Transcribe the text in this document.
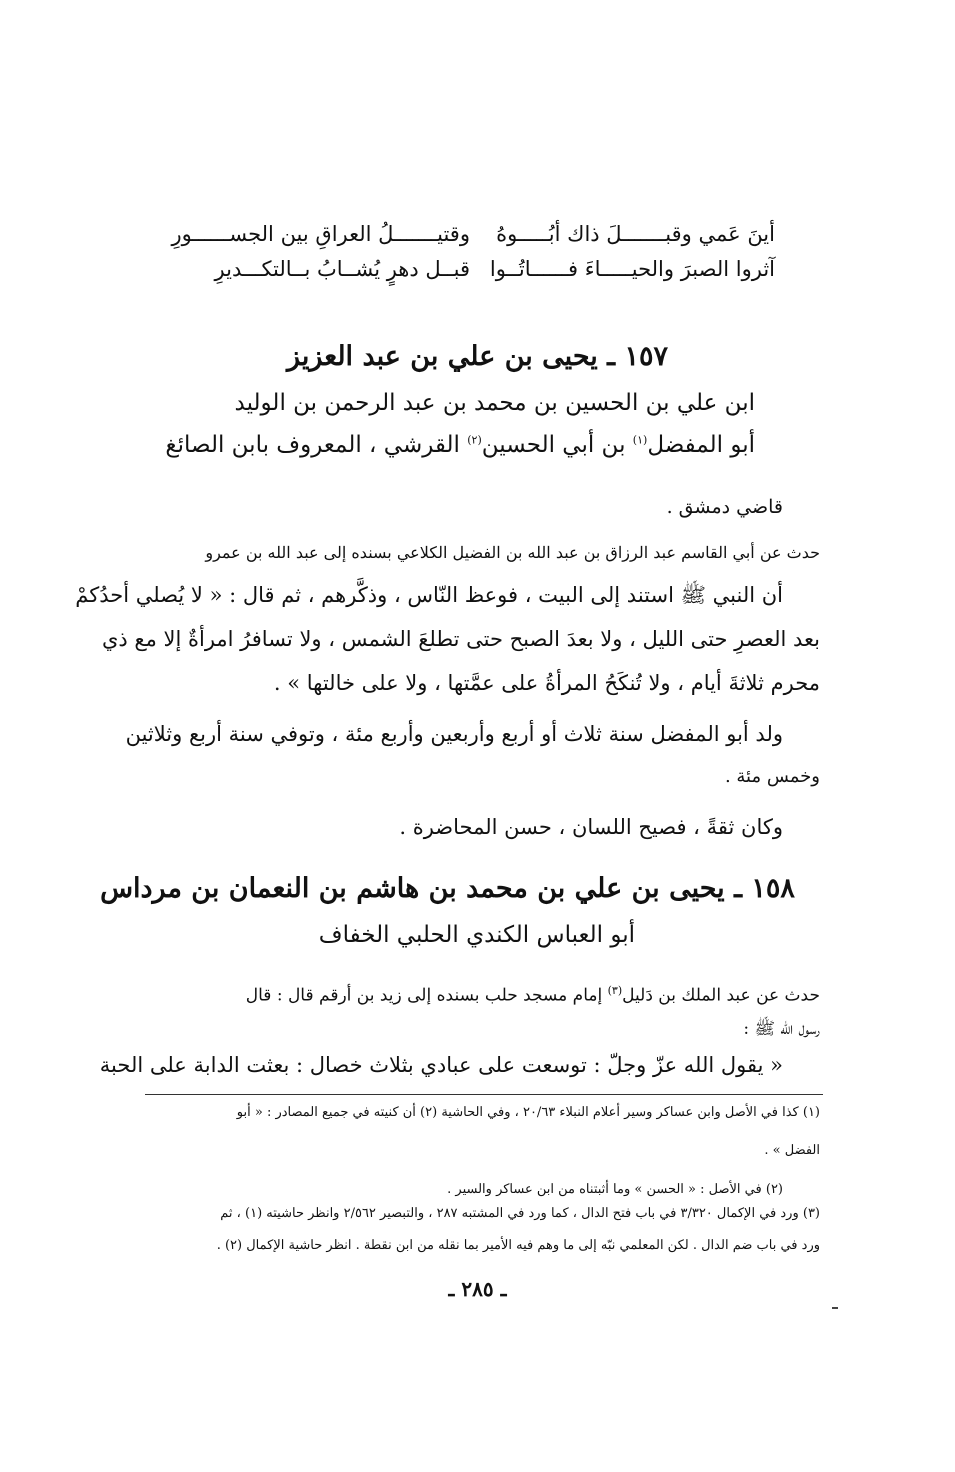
أينَ عَمي وقبـــــــلَ ذاك أبُـــــوهُ
وقتيـــــــلُ العراقِ بين الجســــــورِ
آثروا الصبرَ والحيـــــاءَ فــــــاتُــوا
قبــل دهرٍ يُشــابُ بــالتكـــديرِ
١٥٧ ـ يحيى بن علي بن عبد العزيز
ابن علي بن الحسين بن محمد بن عبد الرحمن بن الوليد
أبو المفضل$^{(١)}$ بن أبي الحسين$^{(٢)}$ القرشي ، المعروف بابن الصائغ
قاضي دمشق .
حدث عن أبي القاسم عبد الرزاق بن عبد الله بن الفضيل الكلاعي بسنده إلى عبد الله بن عمرو
أن النبي ﷺ استند إلى البيت ، فوعظ النّاس ، وذكَّرهم ، ثم قال : « لا يُصلي أحدُكمْ
بعد العصرِ حتى الليل ، ولا بعدَ الصبح حتى تطلعَ الشمس ، ولا تسافرُ امرأةٌ إلا مع ذي
محرم ثلاثةَ أيام ، ولا تُنكَحُ المرأةُ على عمَّتها ، ولا على خالتها » .
ولد أبو المفضل سنة ثلاث أو أربع وأربعين وأربع مئة ، وتوفي سنة أربع وثلاثين
وخمس مئة .
وكان ثقةً ، فصيح اللسان ، حسن المحاضرة .
١٥٨ ـ يحيى بن علي بن محمد بن هاشم بن النعمان بن مرداس
أبو العباس الكندي الحلبي الخفاف
حدث عن عبد الملك بن دَليل$^{(٣)}$ إمام مسجد حلب بسنده إلى زيد بن أرقم قال : قال
رسول الله ﷺ :
« يقول الله عزّ وجلّ : توسعت على عبادي بثلاث خصال : بعثت الدابة على الحبة
(١) كذا في الأصل وابن عساكر وسير أعلام النبلاء ٢٠/٦٣ ، وفي الحاشية (٢) أن كنيته في جميع المصادر : « أبو
الفضل » .
(٢) في الأصل : « الحسن » وما أثبتناه من ابن عساكر والسير .
(٣) ورد في الإكمال ٣/٣٢٠ في باب فتح الدال ، كما ورد في المشتبه ٢٨٧ ، والتبصير ٢/٥٦٢ وانظر حاشيته (١) ، ثم
ورد في باب ضم الدال . لكن المعلمي نبّه إلى ما وهم فيه الأمير بما نقله من ابن نقطة . انظر حاشية الإكمال (٢) .
ـ ٢٨٥ ـ
